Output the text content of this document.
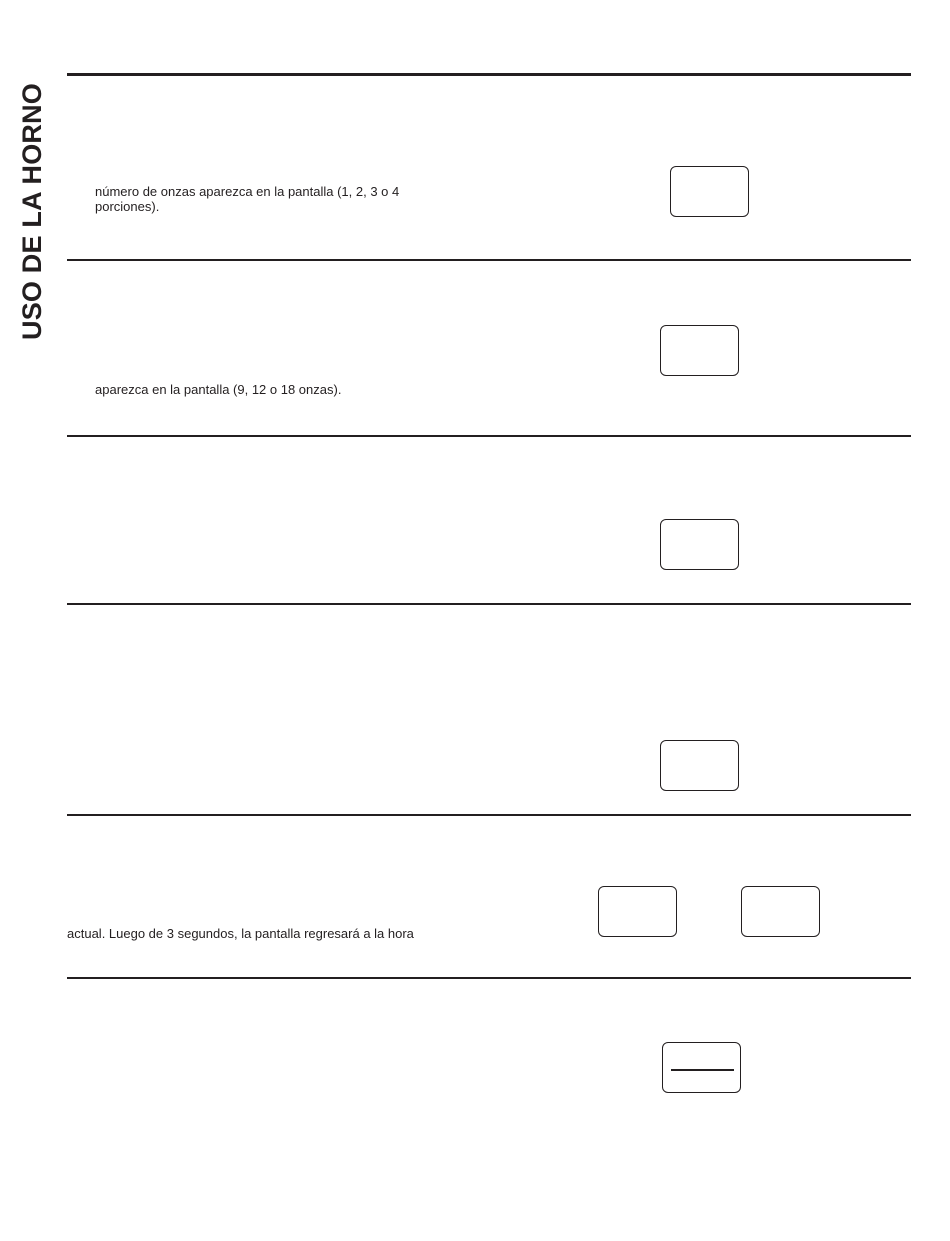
USO DE LA HORNO	número de onzas aparezca en la pantalla (1, 2, 3 o 4
porciones).
aparezca en la pantalla (9, 12 o 18 onzas).
actual. Luego de 3 segundos, la pantalla regresará a la hora
